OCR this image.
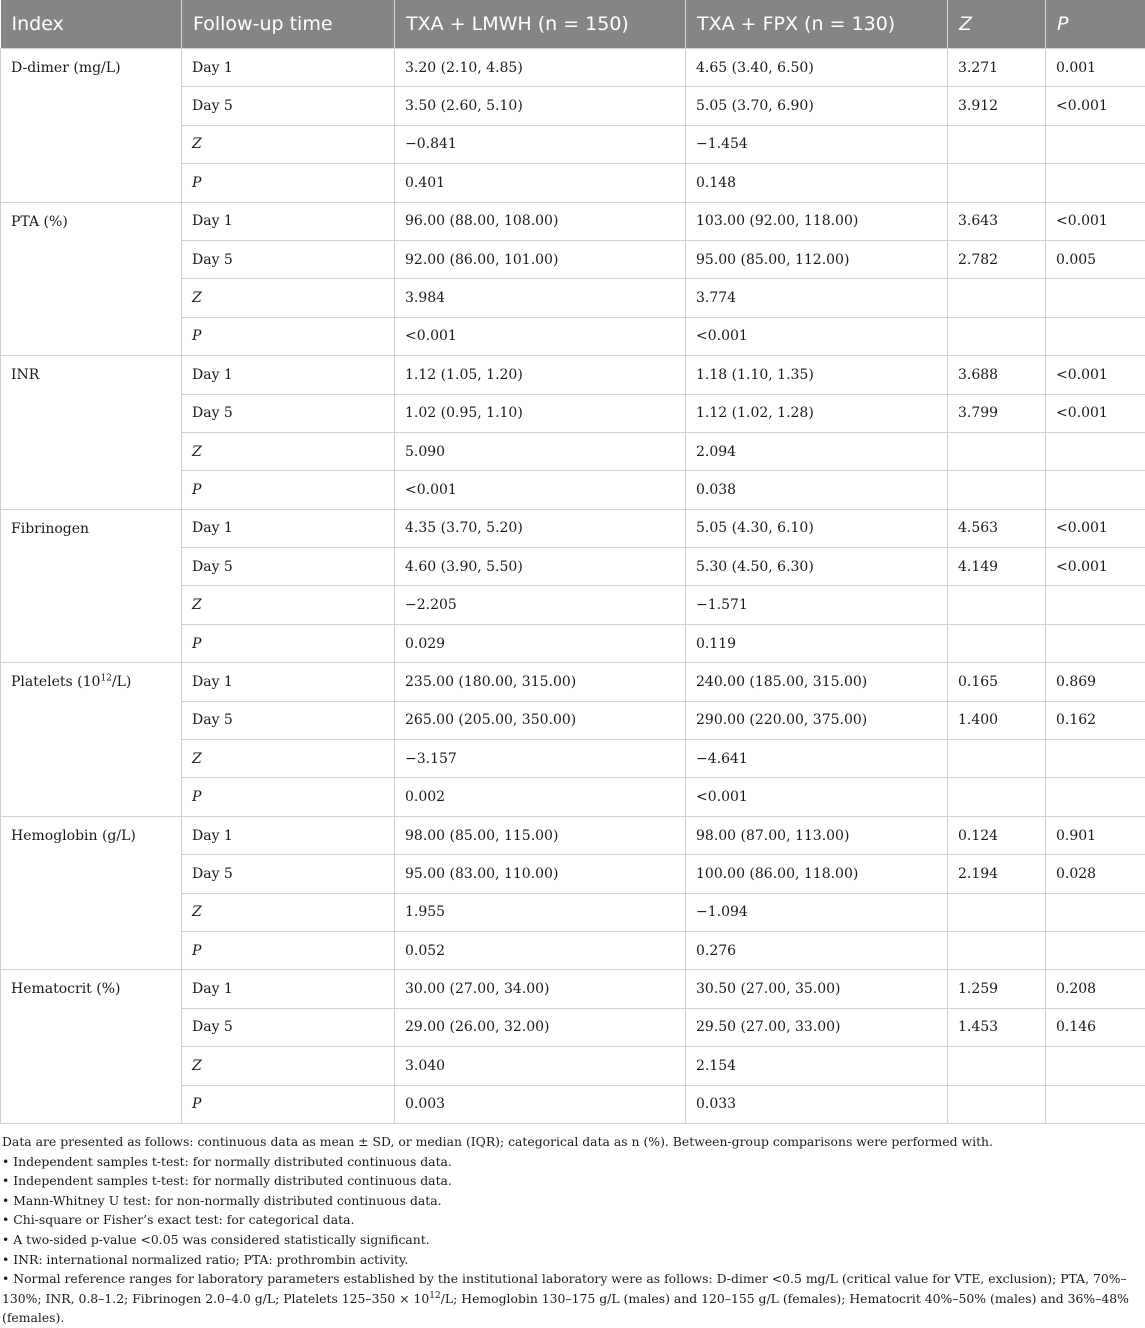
Index	Follow-up time	TXA + LMWH (n = 150)	TXA + FPX (n = 130)	Z	P
D-dimer (mg/L)	Day 1	3.20 (2.10, 4.85)	4.65 (3.40, 6.50)	3.271	0.001
	Day 5	3.50 (2.60, 5.10)	5.05 (3.70, 6.90)	3.912	<0.001
	Z	−0.841	−1.454		
	P	0.401	0.148		
PTA (%)	Day 1	96.00 (88.00, 108.00)	103.00 (92.00, 118.00)	3.643	<0.001
	Day 5	92.00 (86.00, 101.00)	95.00 (85.00, 112.00)	2.782	0.005
	Z	3.984	3.774		
	P	<0.001	<0.001		
INR	Day 1	1.12 (1.05, 1.20)	1.18 (1.10, 1.35)	3.688	<0.001
	Day 5	1.02 (0.95, 1.10)	1.12 (1.02, 1.28)	3.799	<0.001
	Z	5.090	2.094		
	P	<0.001	0.038		
Fibrinogen	Day 1	4.35 (3.70, 5.20)	5.05 (4.30, 6.10)	4.563	<0.001
	Day 5	4.60 (3.90, 5.50)	5.30 (4.50, 6.30)	4.149	<0.001
	Z	−2.205	−1.571		
	P	0.029	0.119		
Platelets $(10^{12}/L)$	Day 1	235.00 (180.00, 315.00)	240.00 (185.00, 315.00)	0.165	0.869
	Day 5	265.00 (205.00, 350.00)	290.00 (220.00, 375.00)	1.400	0.162
	Z	−3.157	−4.641		
	P	0.002	<0.001		
Hemoglobin (g/L)	Day 1	98.00 (85.00, 115.00)	98.00 (87.00, 113.00)	0.124	0.901
	Day 5	95.00 (83.00, 110.00)	100.00 (86.00, 118.00)	2.194	0.028
	Z	1.955	−1.094		
	P	0.052	0.276		
Hematocrit (%)	Day 1	30.00 (27.00, 34.00)	30.50 (27.00, 35.00)	1.259	0.208
	Day 5	29.00 (26.00, 32.00)	29.50 (27.00, 33.00)	1.453	0.146
	Z	3.040	2.154		
	P	0.003	0.033		
Data are presented as follows: continuous data as mean ± SD, or median (IQR); categorical data as n (%). Between-group comparisons were performed with.
• Independent samples t-test: for normally distributed continuous data.
• Independent samples t-test: for normally distributed continuous data.
• Mann-Whitney U test: for non-normally distributed continuous data.
• Chi-square or Fisher’s exact test: for categorical data.
• A two-sided p-value <0.05 was considered statistically significant.
• INR: international normalized ratio; PTA: prothrombin activity.
• Normal reference ranges for laboratory parameters established by the institutional laboratory were as follows: D-dimer <0.5 mg/L (critical value for VTE, exclusion); PTA, 70%–130%; INR, 0.8–1.2; Fibrinogen 2.0–4.0 g/L; Platelets $125-350 \times 10^{12}/L$; Hemoglobin 130–175 g/L (males) and 120–155 g/L (females); Hematocrit 40%–50% (males) and 36%–48% (females).
